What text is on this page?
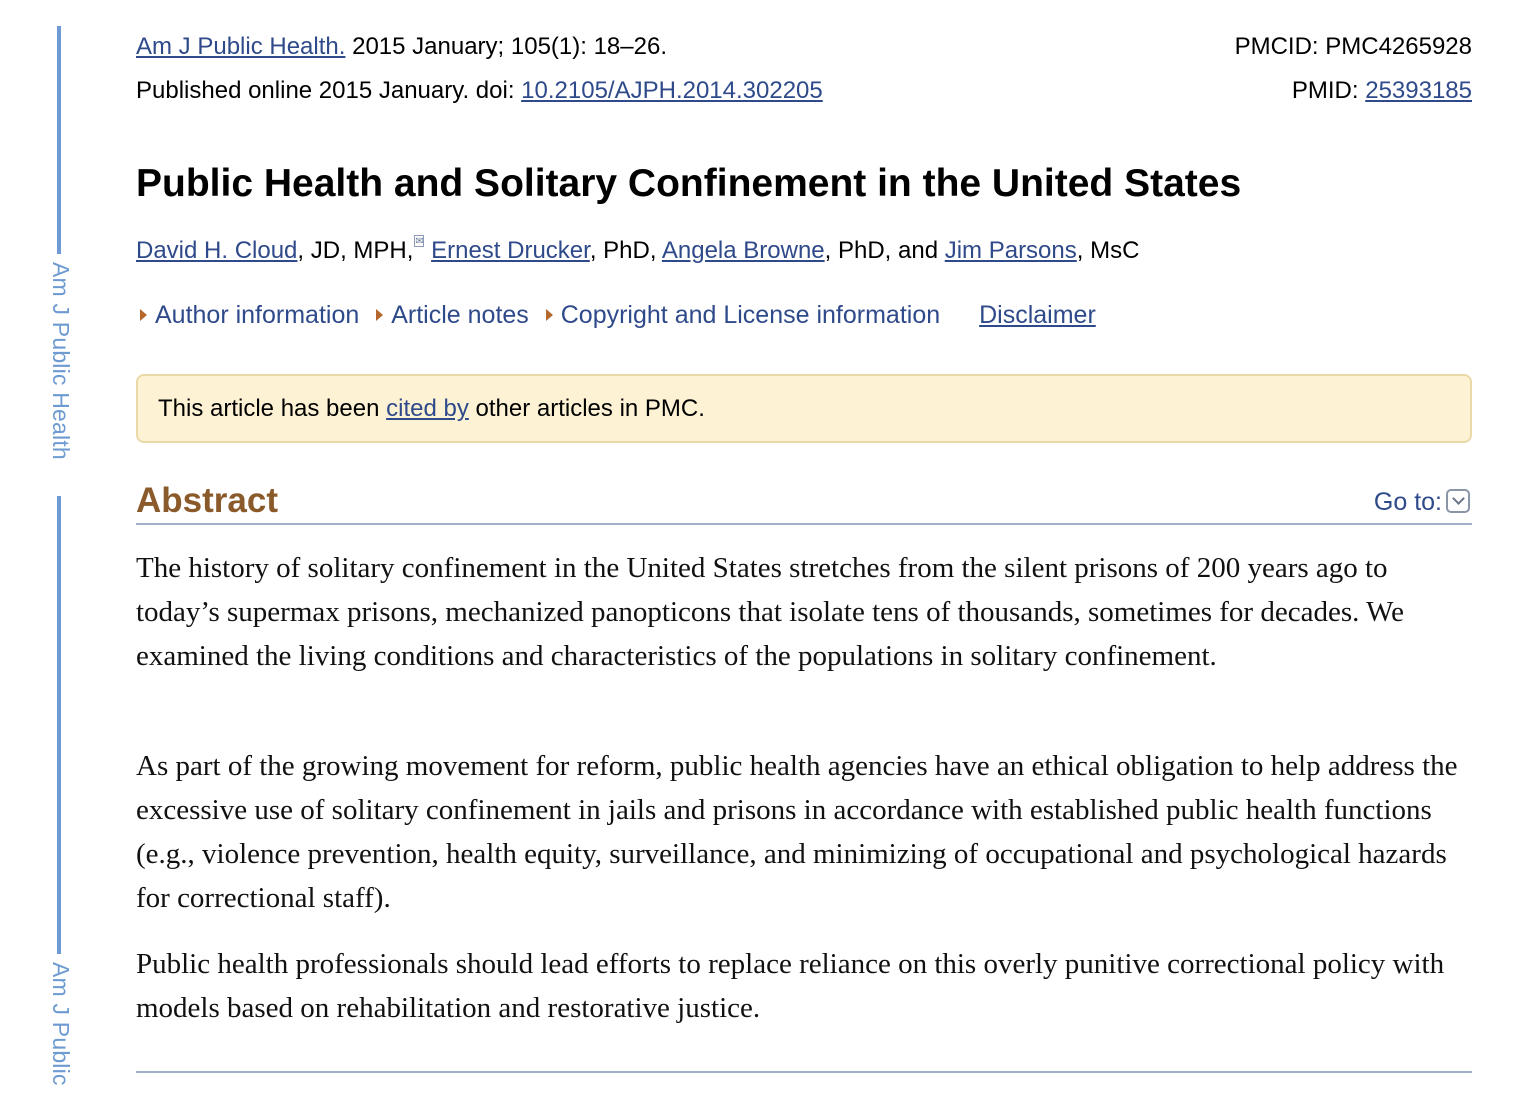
Am J Public Health
Am J Public
Am J Public Health. 2015 January; 105(1): 18–26.	PMCID: PMC4265928
Published online 2015 January. doi: 10.2105/AJPH.2014.302205	PMID: 25393185
Public Health and Solitary Confinement in the United States
David H. Cloud, JD, MPH, ✉ Ernest Drucker, PhD, Angela Browne, PhD, and Jim Parsons, MsC
Author information Article notes Copyright and License information Disclaimer
This article has been cited by other articles in PMC.
Abstract	Go to:

The history of solitary confinement in the United States stretches from the silent prisons of 200 years ago to today’s supermax prisons, mechanized panopticons that isolate tens of thousands, sometimes for decades. We examined the living conditions and characteristics of the populations in solitary confinement.

As part of the growing movement for reform, public health agencies have an ethical obligation to help address the excessive use of solitary confinement in jails and prisons in accordance with established public health functions (e.g., violence prevention, health equity, surveillance, and minimizing of occupational and psychological hazards for correctional staff).

Public health professionals should lead efforts to replace reliance on this overly punitive correctional policy with models based on rehabilitation and restorative justice.
